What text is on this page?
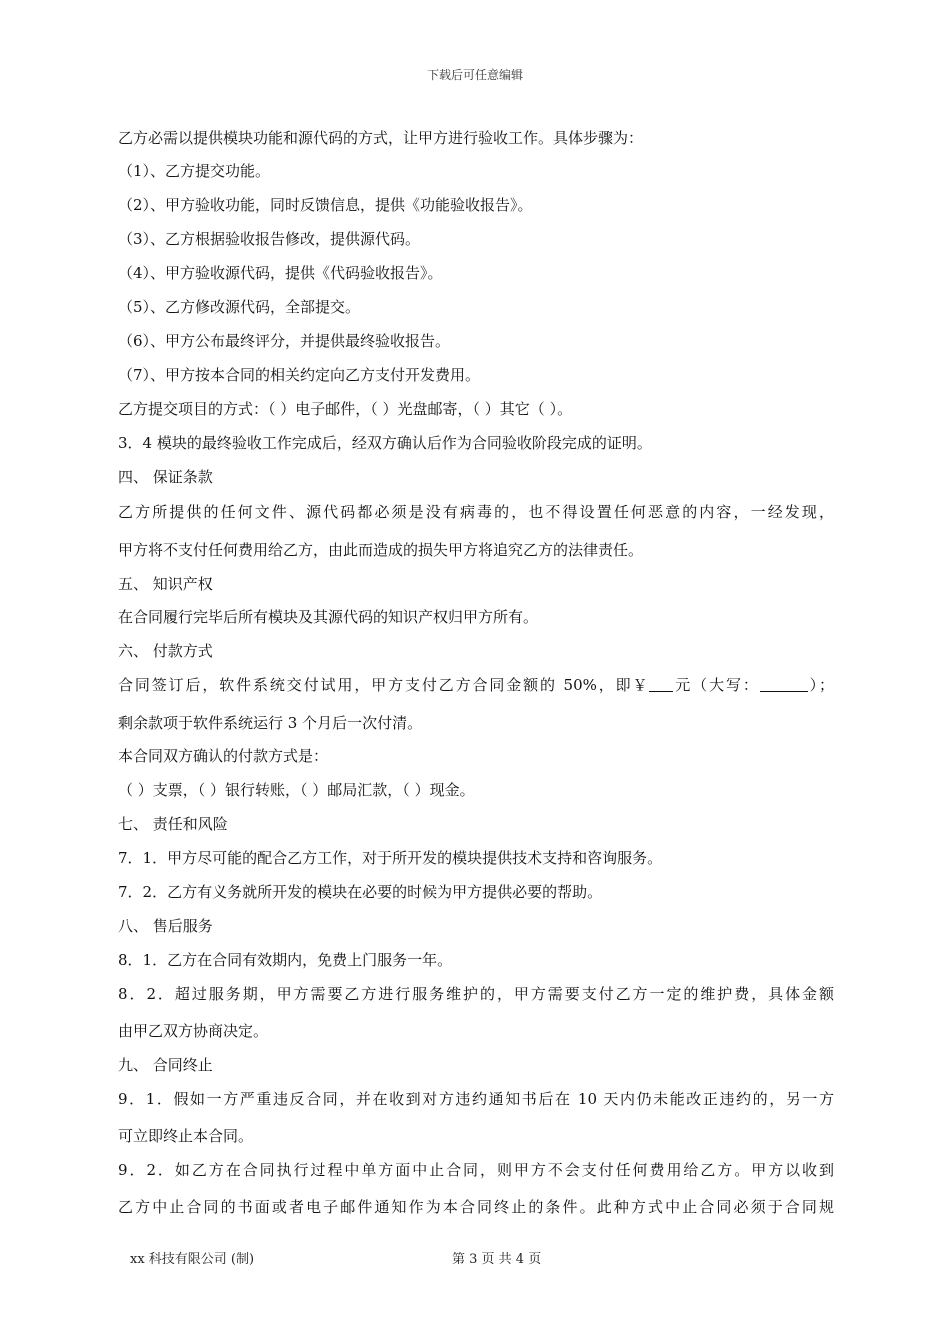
下载后可任意编辑
乙方必需以提供模块功能和源代码的方式，让甲方进行验收工作。具体步骤为：
（1）、乙方提交功能。
（2）、甲方验收功能，同时反馈信息，提供《功能验收报告》。
（3）、乙方根据验收报告修改，提供源代码。
（4）、甲方验收源代码，提供《代码验收报告》。
（5）、乙方修改源代码，全部提交。
（6）、甲方公布最终评分，并提供最终验收报告。
（7）、甲方按本合同的相关约定向乙方支付开发费用。
乙方提交项目的方式：（ ）电子邮件，（ ）光盘邮寄，（ ）其它（ ）。
3．4 模块的最终验收工作完成后，经双方确认后作为合同验收阶段完成的证明。
四、 保证条款
乙方所提供的任何文件、源代码都必须是没有病毒的，也不得设置任何恶意的内容，一经发现，
甲方将不支付任何费用给乙方，由此而造成的损失甲方将追究乙方的法律责任。
五、 知识产权
在合同履行完毕后所有模块及其源代码的知识产权归甲方所有。
六、 付款方式
合同签订后，软件系统交付试用，甲方支付乙方合同金额的 50%，即￥ 元（大写：	）；
剩余款项于软件系统运行 3 个月后一次付清。
本合同双方确认的付款方式是：
（ ）支票，（ ）银行转账，（ ）邮局汇款，（ ）现金。
七、 责任和风险
7．1．甲方尽可能的配合乙方工作，对于所开发的模块提供技术支持和咨询服务。
7．2．乙方有义务就所开发的模块在必要的时候为甲方提供必要的帮助。
八、 售后服务
8．1．乙方在合同有效期内，免费上门服务一年。
8．2．超过服务期，甲方需要乙方进行服务维护的，甲方需要支付乙方一定的维护费，具体金额
由甲乙双方协商决定。
九、 合同终止
9．1．假如一方严重违反合同，并在收到对方违约通知书后在 10 天内仍未能改正违约的，另一方
可立即终止本合同。
9．2．如乙方在合同执行过程中单方面中止合同，则甲方不会支付任何费用给乙方。甲方以收到
乙方中止合同的书面或者电子邮件通知作为本合同终止的条件。此种方式中止合同必须于合同规
xx 科技有限公司 (制)	第 3 页 共 4 页
